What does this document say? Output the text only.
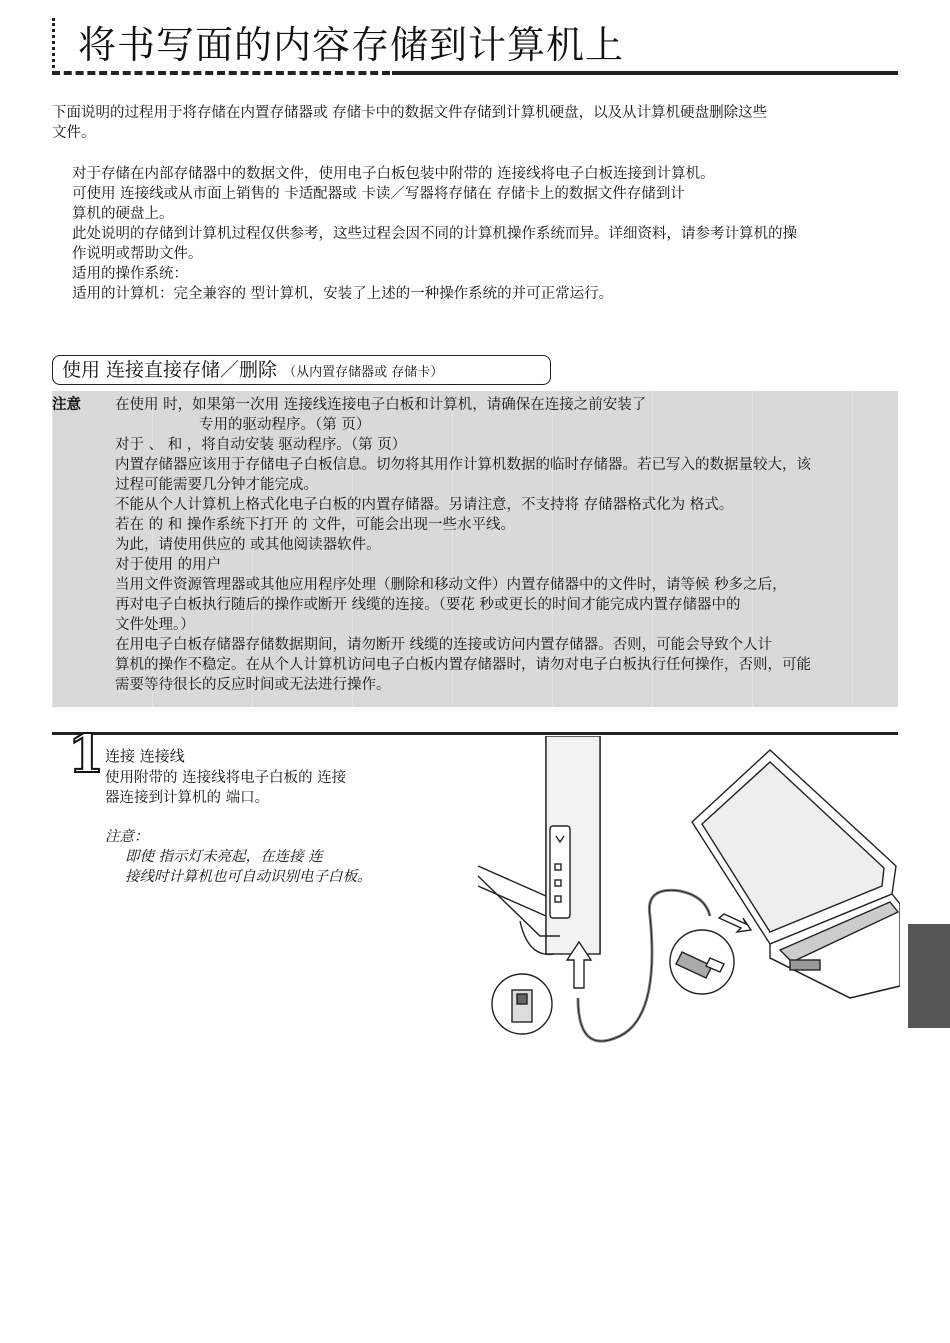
将书写面的内容存储到计算机上
下面说明的过程用于将存储在内置存储器或 存储卡中的数据文件存储到计算机硬盘，以及从计算机硬盘删除这些
文件。
对于存储在内部存储器中的数据文件，使用电子白板包装中附带的 连接线将电子白板连接到计算机。
可使用 连接线或从市面上销售的 卡适配器或 卡读／写器将存储在 存储卡上的数据文件存储到计
算机的硬盘上。
此处说明的存储到计算机过程仅供参考，这些过程会因不同的计算机操作系统而异。详细资料，请参考计算机的操
作说明或帮助文件。
适用的操作系统：
适用的计算机：完全兼容的 型计算机，安装了上述的一种操作系统的并可正常运行。
使用 连接直接存储／删除 （从内置存储器或 存储卡）
注意 在使用 时，如果第一次用 连接线连接电子白板和计算机，请确保在连接之前安装了
专用的驱动程序。（第 页）
对于 、 和 ，将自动安装 驱动程序。（第 页）
内置存储器应该用于存储电子白板信息。切勿将其用作计算机数据的临时存储器。若已写入的数据量较大，该
过程可能需要几分钟才能完成。
不能从个人计算机上格式化电子白板的内置存储器。另请注意，不支持将 存储器格式化为 格式。
若在 的 和 操作系统下打开 的 文件，可能会出现一些水平线。
为此，请使用供应的 或其他阅读器软件。
对于使用 的用户
当用文件资源管理器或其他应用程序处理（删除和移动文件）内置存储器中的文件时，请等候 秒多之后，
再对电子白板执行随后的操作或断开 线缆的连接。（要花 秒或更长的时间才能完成内置存储器中的
文件处理。）
在用电子白板存储器存储数据期间，请勿断开 线缆的连接或访问内置存储器。否则，可能会导致个人计
算机的操作不稳定。在从个人计算机访问电子白板内置存储器时，请勿对电子白板执行任何操作，否则，可能
需要等待很长的反应时间或无法进行操作。
1 连接 连接线
使用附带的 连接线将电子白板的 连接
器连接到计算机的 端口。
注意：
即使 指示灯未亮起，在连接 连
接线时计算机也可自动识别电子白板。
